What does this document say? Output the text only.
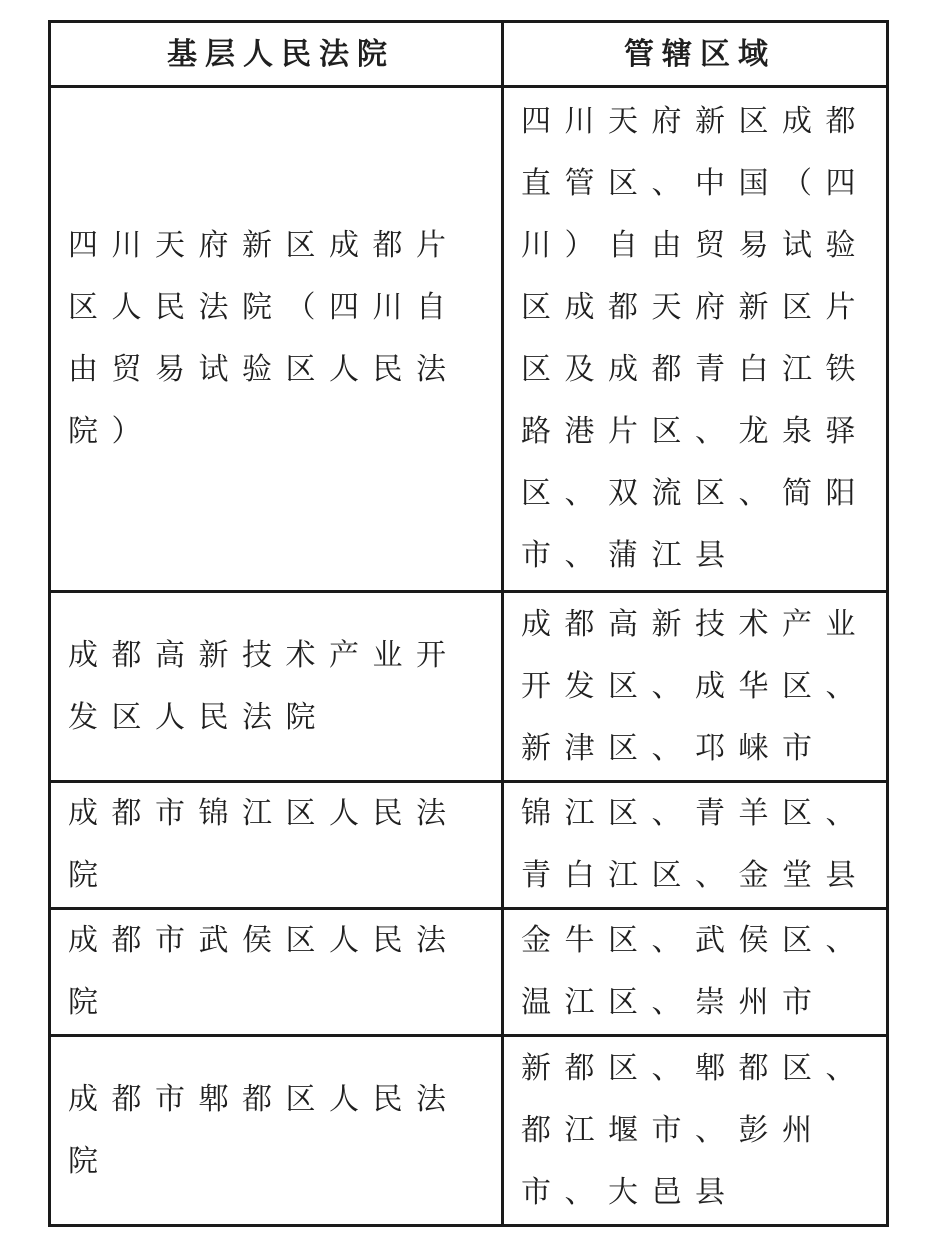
基层人民法院	管辖区域
四川天府新区成都片区人民法院（四川自由贸易试验区人民法院）	四川天府新区成都直管区、中国（四川）自由贸易试验区成都天府新区片区及成都青白江铁路港片区、龙泉驿区、双流区、简阳市、蒲江县
成都高新技术产业开发区人民法院	成都高新技术产业开发区、成华区、新津区、邛崃市
成都市锦江区人民法院	锦江区、青羊区、青白江区、金堂县
成都市武侯区人民法院	金牛区、武侯区、温江区、崇州市
成都市郫都区人民法院	新都区、郫都区、都江堰市、彭州市、大邑县
